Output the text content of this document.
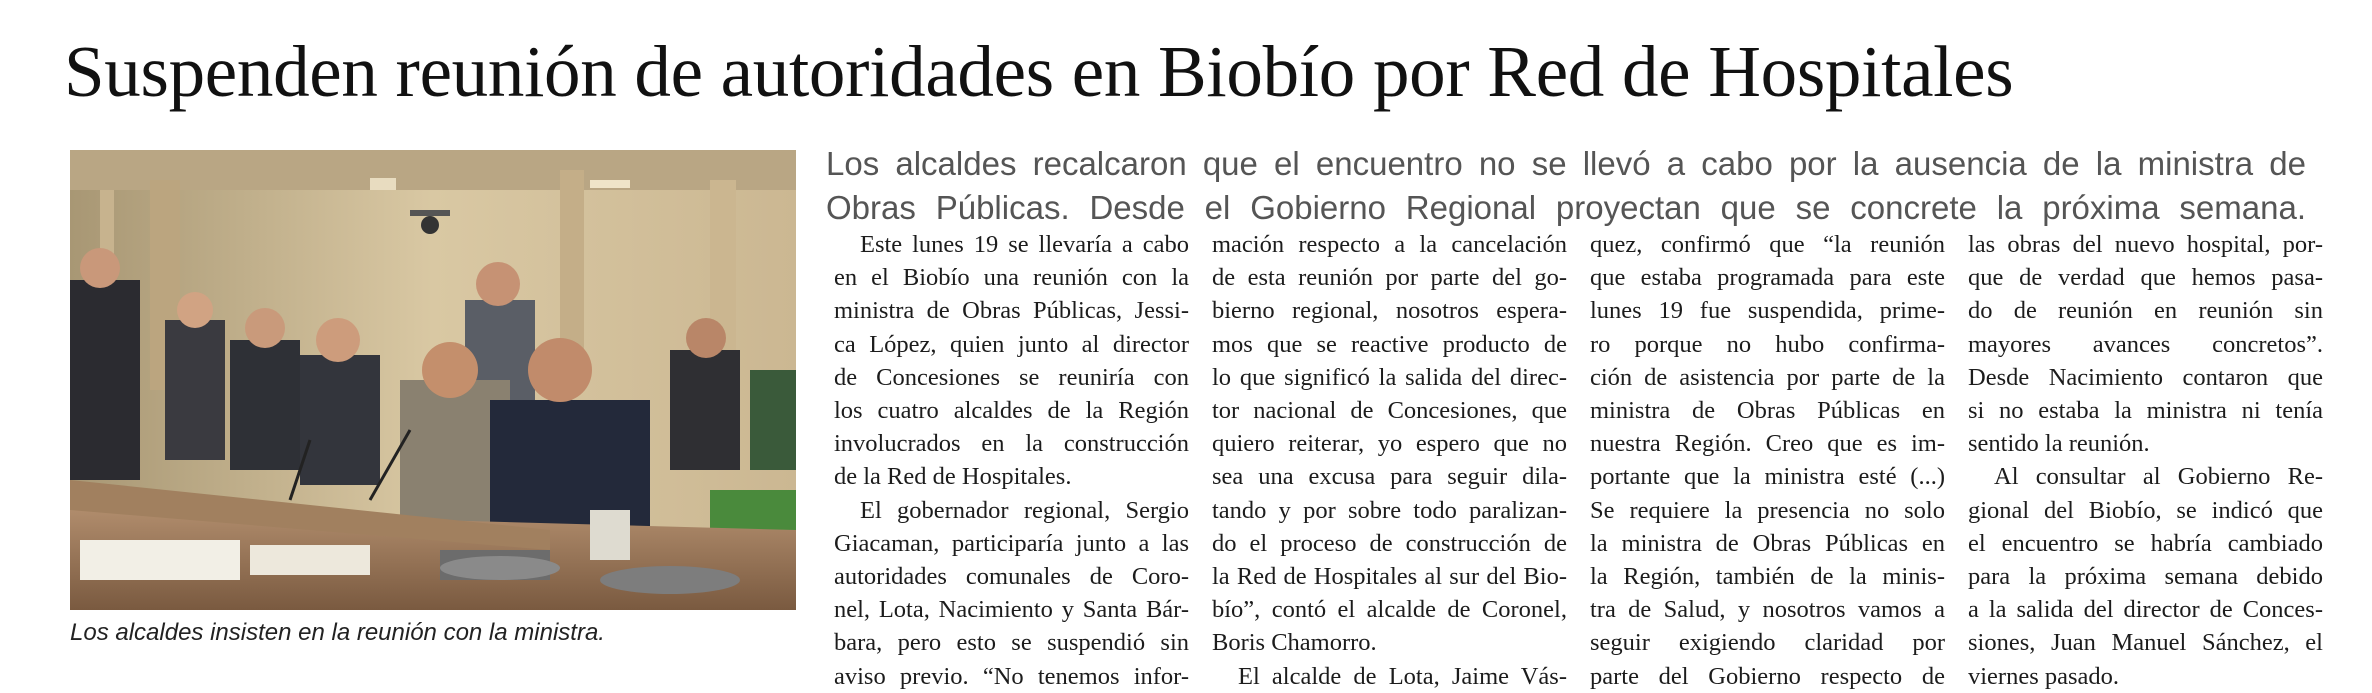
Suspenden reunión de autoridades en Biobío por Red de Hospitales
Los alcaldes insisten en la reunión con la ministra.
Los alcaldes recalcaron que el encuentro no se llevó a cabo por la ausencia de la ministra de
Obras Públicas. Desde el Gobierno Regional proyectan que se concrete la próxima semana.
Este lunes 19 se llevaría a cabo
en el Biobío una reunión con la
ministra de Obras Públicas, Jessi-
ca López, quien junto al director
de Concesiones se reuniría con
los cuatro alcaldes de la Región
involucrados en la construcción
de la Red de Hospitales.
El gobernador regional, Sergio
Giacaman, participaría junto a las
autoridades comunales de Coro-
nel, Lota, Nacimiento y Santa Bár-
bara, pero esto se suspendió sin
aviso previo. “No tenemos infor-
mación respecto a la cancelación
de esta reunión por parte del go-
bierno regional, nosotros espera-
mos que se reactive producto de
lo que significó la salida del direc-
tor nacional de Concesiones, que
quiero reiterar, yo espero que no
sea una excusa para seguir dila-
tando y por sobre todo paralizan-
do el proceso de construcción de
la Red de Hospitales al sur del Bio-
bío”, contó el alcalde de Coronel,
Boris Chamorro.
El alcalde de Lota, Jaime Vás-
quez, confirmó que “la reunión
que estaba programada para este
lunes 19 fue suspendida, prime-
ro porque no hubo confirma-
ción de asistencia por parte de la
ministra de Obras Públicas en
nuestra Región. Creo que es im-
portante que la ministra esté (...)
Se requiere la presencia no solo
la ministra de Obras Públicas en
la Región, también de la minis-
tra de Salud, y nosotros vamos a
seguir exigiendo claridad por
parte del Gobierno respecto de
las obras del nuevo hospital, por-
que de verdad que hemos pasa-
do de reunión en reunión sin
mayores avances concretos”.
Desde Nacimiento contaron que
si no estaba la ministra ni tenía
sentido la reunión.
Al consultar al Gobierno Re-
gional del Biobío, se indicó que
el encuentro se habría cambiado
para la próxima semana debido
a la salida del director de Conces-
siones, Juan Manuel Sánchez, el
viernes pasado.
